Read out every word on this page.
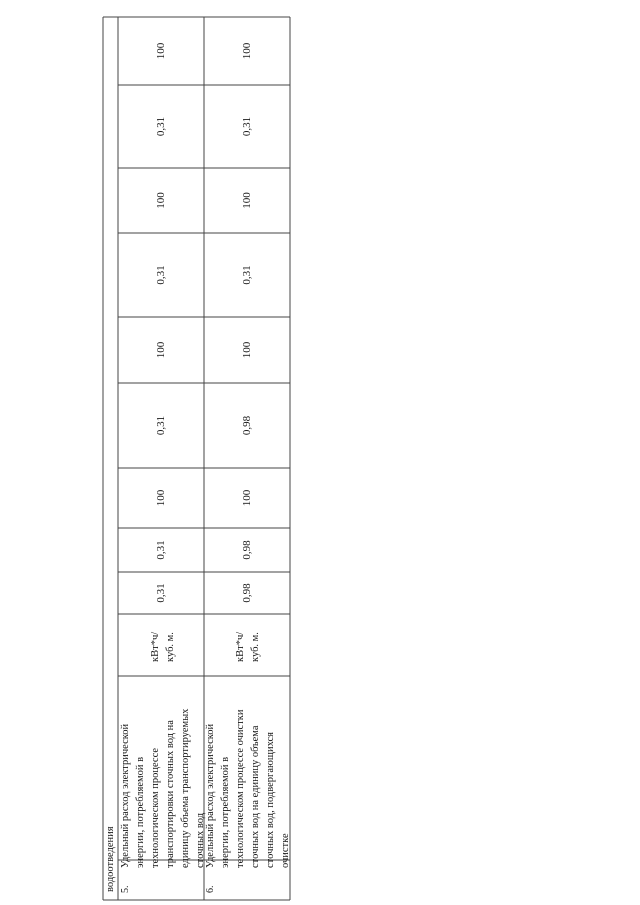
водоотведения 5.
Удельный расход электрической энергии, потребляемой в технологическом процессе транспортировки сточных вод на единицу объема транспортируемых сточных вод
кВт*ч/ куб. м.
0,31
0,31
100
0,31
100
0,31
100
0,31
100
6.
Удельный расход электрической энергии, потребляемой в технологическом процессе очистки сточных вод на единицу объема сточных вод, подвергающихся очистке
кВт*ч/ куб. м.
0,98
0,98
100
0,98
100
0,31
100
0,31
100
